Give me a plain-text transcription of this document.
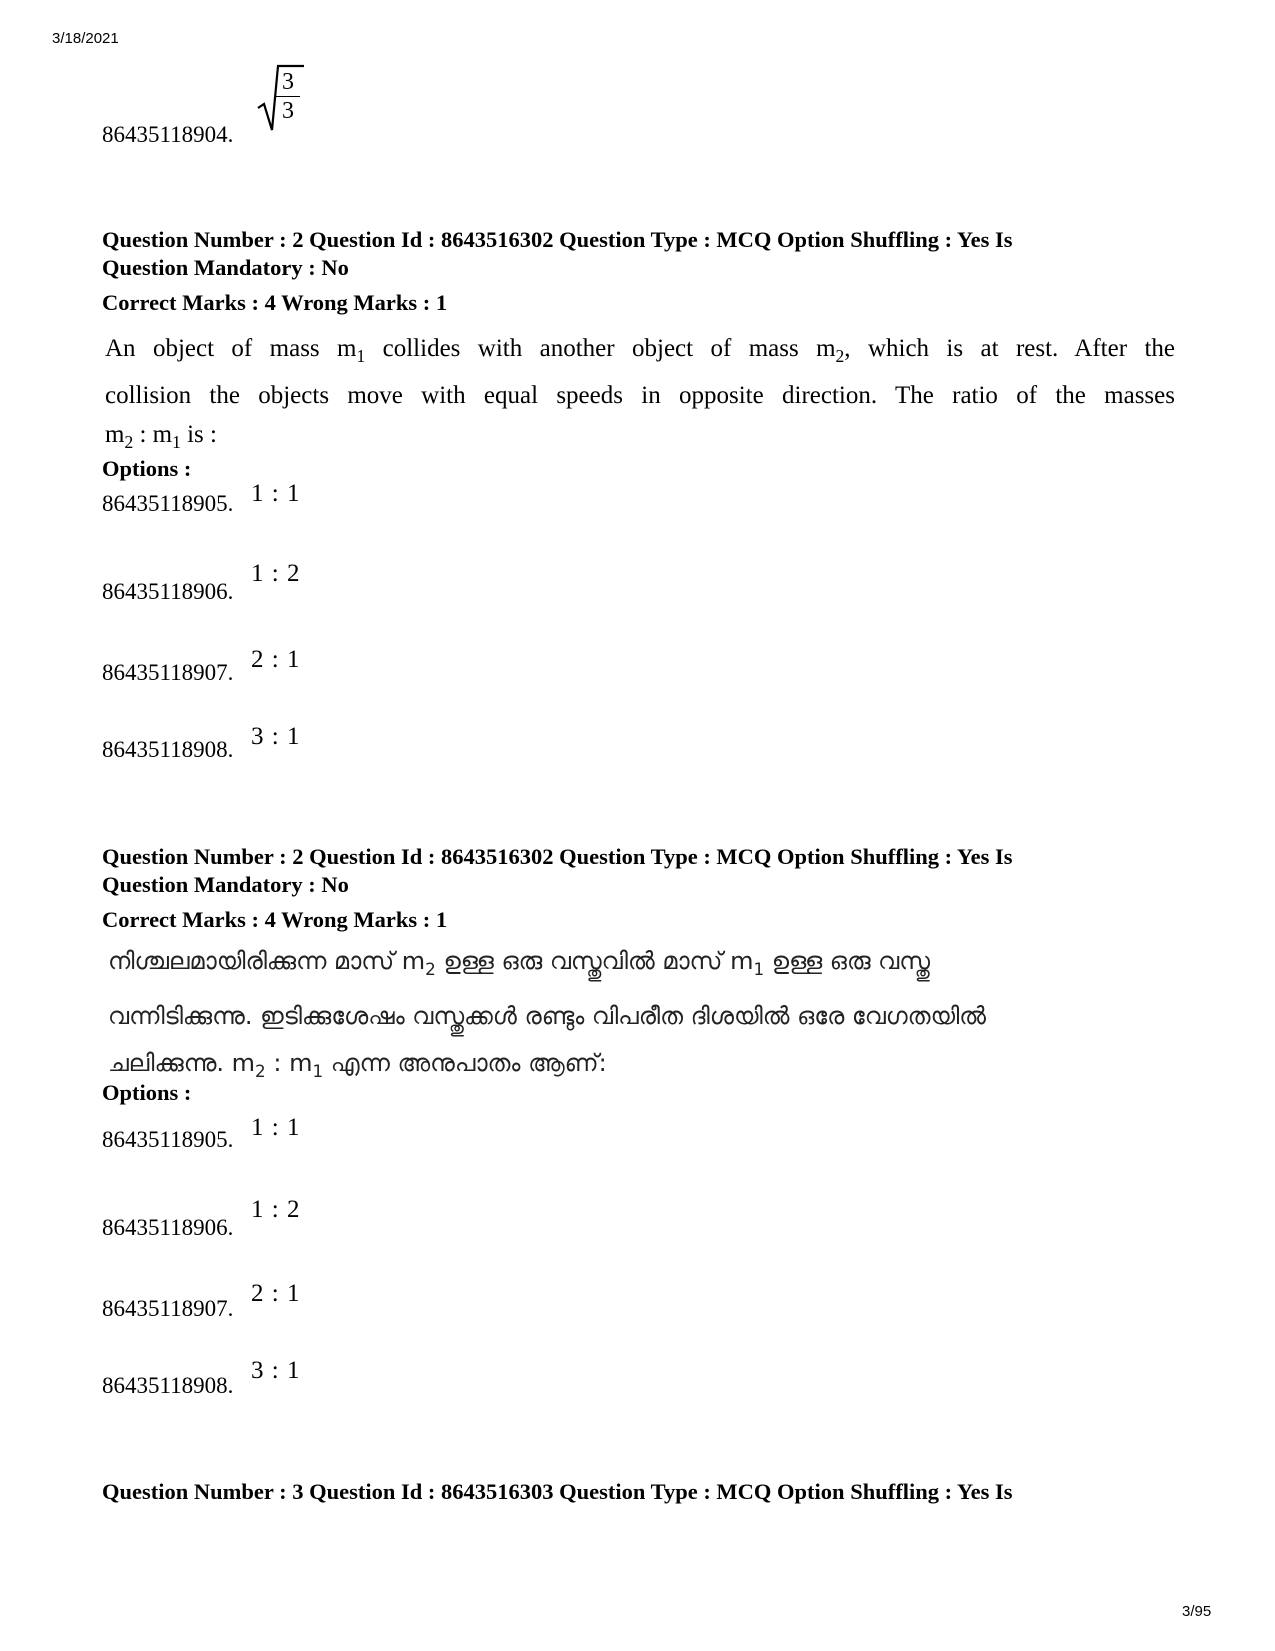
3/18/2021
86435118904.
$\frac{3}{3}$
Question Number : 2 Question Id : 8643516302 Question Type : MCQ Option Shuffling : Yes Is
Question Mandatory : No
Correct Marks : 4 Wrong Marks : 1
An object of mass $m_1$ collides with another object of mass $m_2$, which is at rest. After the
collision the objects move with equal speeds in opposite direction. The ratio of the masses
$m_2$ : $m_1$ is :
Options :
86435118905. 1 : 1
86435118906.
1 : 2
86435118907. 2 : 1
86435118908. 3 : 1
Question Number : 2 Question Id : 8643516302 Question Type : MCQ Option Shuffling : Yes Is
Question Mandatory : No
Correct Marks : 4 Wrong Marks : 1
നിശ്ചലമായിരിക്കുന്ന മാസ് $m_2$ ഉള്ള ഒരു വസ്തുവിൽ മാസ് $m_1$ ഉള്ള ഒരു വസ്തു
വന്നിടിക്കുന്നു. ഇടിക്കുശേഷം വസ്തുക്കൾ രണ്ടും വിപരീത ദിശയിൽ ഒരേ വേഗതയിൽ
ചലിക്കുന്നു. $m_2$ : $m_1$ എന്ന അനുപാതം ആണ്:
Options :
86435118905. 1 : 1
86435118906.
1 : 2
86435118907.
2 : 1
86435118908.
3 : 1
Question Number : 3 Question Id : 8643516303 Question Type : MCQ Option Shuffling : Yes Is
3/95
